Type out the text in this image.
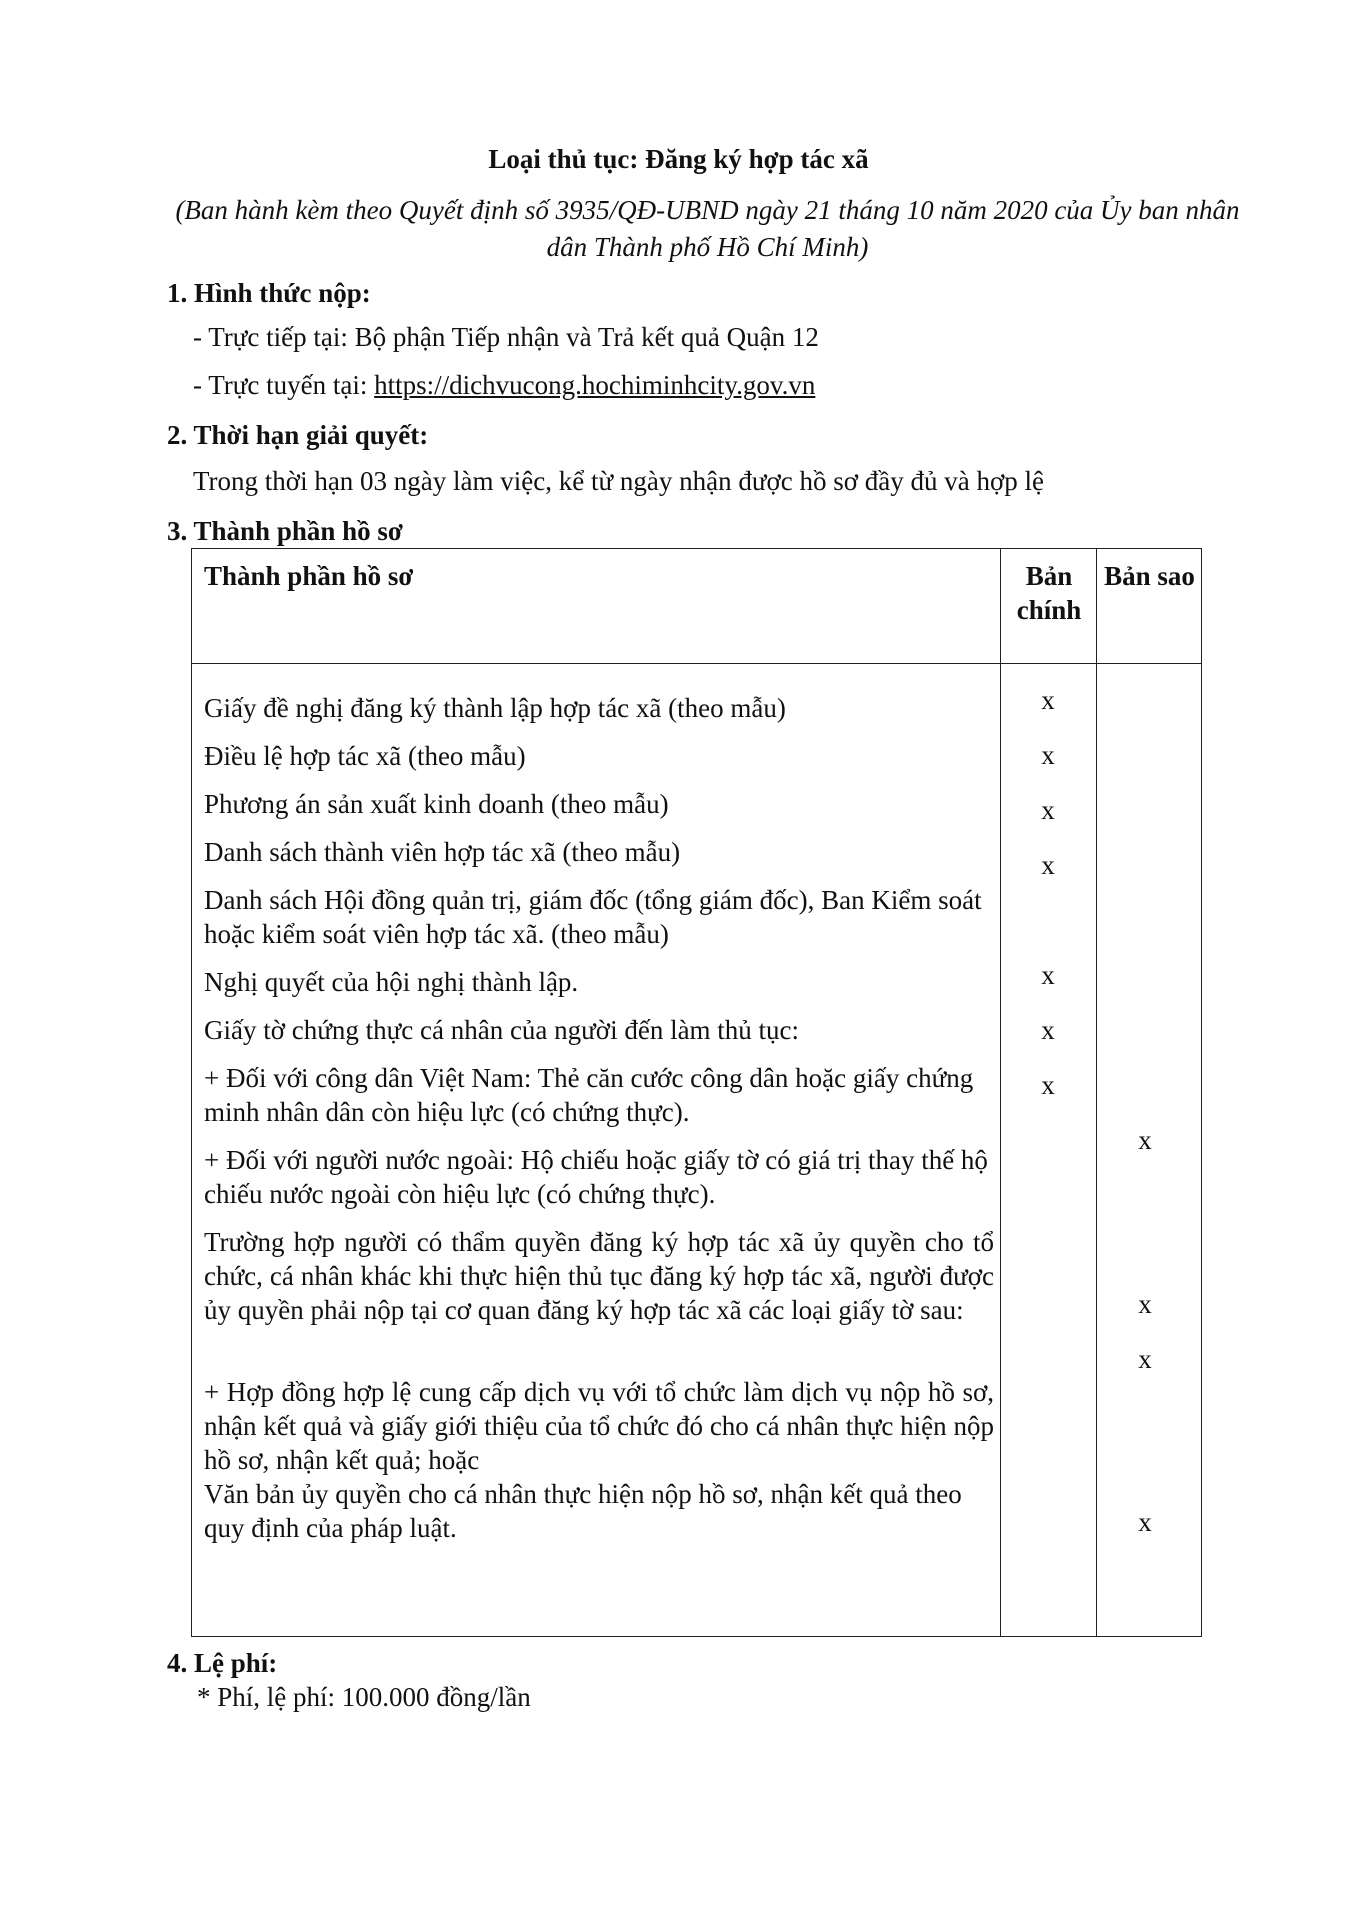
Loại thủ tục: Đăng ký hợp tác xã
(Ban hành kèm theo Quyết định số 3935/QĐ-UBND ngày 21 tháng 10 năm 2020 của Ủy ban nhân dân Thành phố Hồ Chí Minh)
1. Hình thức nộp:
- Trực tiếp tại: Bộ phận Tiếp nhận và Trả kết quả Quận 12
- Trực tuyến tại: https://dichvucong.hochiminhcity.gov.vn
2. Thời hạn giải quyết:
Trong thời hạn 03 ngày làm việc, kể từ ngày nhận được hồ sơ đầy đủ và hợp lệ
3. Thành phần hồ sơ
Thành phần hồ sơ	Bản chính
Bản sao
Giấy đề nghị đăng ký thành lập hợp tác xã (theo mẫu)
Điều lệ hợp tác xã (theo mẫu)
Phương án sản xuất kinh doanh (theo mẫu)
Danh sách thành viên hợp tác xã (theo mẫu)
Danh sách Hội đồng quản trị, giám đốc (tổng giám đốc), Ban Kiểm soát hoặc kiểm soát viên hợp tác xã. (theo mẫu)
Nghị quyết của hội nghị thành lập.
Giấy tờ chứng thực cá nhân của người đến làm thủ tục:
+ Đối với công dân Việt Nam: Thẻ căn cước công dân hoặc giấy chứng minh nhân dân còn hiệu lực (có chứng thực).
+ Đối với người nước ngoài: Hộ chiếu hoặc giấy tờ có giá trị thay thế hộ chiếu nước ngoài còn hiệu lực (có chứng thực).
Trường hợp người có thẩm quyền đăng ký hợp tác xã ủy quyền cho tổ chức, cá nhân khác khi thực hiện thủ tục đăng ký hợp tác xã, người được ủy quyền phải nộp tại cơ quan đăng ký hợp tác xã các loại giấy tờ sau:
+ Hợp đồng hợp lệ cung cấp dịch vụ với tổ chức làm dịch vụ nộp hồ sơ, nhận kết quả và giấy giới thiệu của tổ chức đó cho cá nhân thực hiện nộp hồ sơ, nhận kết quả; hoặc
Văn bản ủy quyền cho cá nhân thực hiện nộp hồ sơ, nhận kết quả theo quy định của pháp luật.
x
x
x
x
x
x
x
x
x
x
x
4. Lệ phí:
* Phí, lệ phí: 100.000 đồng/lần
